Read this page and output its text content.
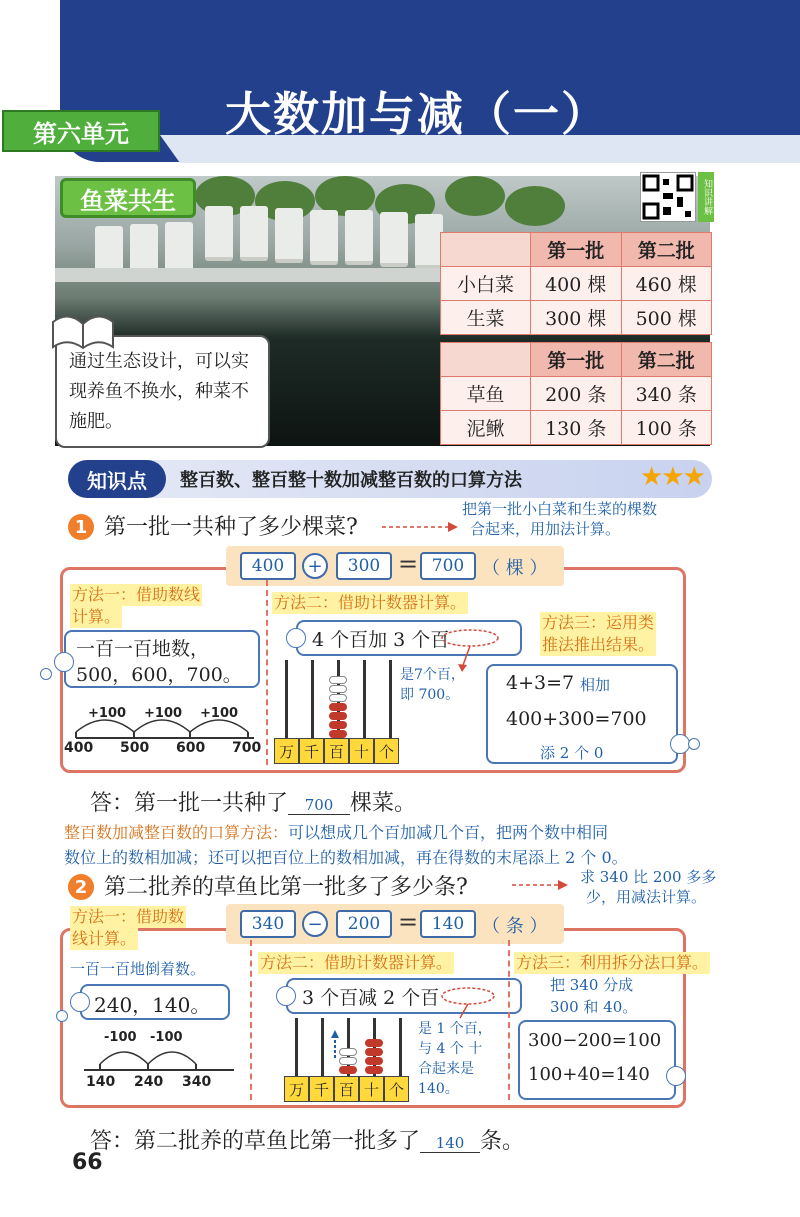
第六单元	大数加与减（一）
鱼菜共生	知识讲解
	第一批	第二批
小白菜	400 棵	460 棵
生菜	300 棵	500 棵
	第一批	第二批
草鱼	200 条	340 条
泥鳅	130 条	100 条
通过生态设计，可以实现养鱼不换水，种菜不施肥。
知识点	整百数、整百整十数加减整百数的口算方法	★★★
1 第一批一共种了多少棵菜?
把第一批小白菜和生菜的棵数
合起来，用加法计算。
400	+	300 = 700 （ 棵 ）
方法一：借助数线
计算。
一百一百地数，
500，600，700。
+100 +100 +100
400 500 600 700
方法二：借助计数器计算。
4 个百加 3 个百
是7个百，
即 700。
万 千 百 十 个
方法三：运用类
推法推出结果。
4+3=7 相加
400+300=700
添 2 个 0
答：第一批一共种了 700 棵菜。
整百数加减整百数的口算方法：可以想成几个百加减几个百，把两个数中相同
数位上的数相加减；还可以把百位上的数相加减，再在得数的末尾添上 2 个 0。
2 第二批养的草鱼比第一批多了多少条?	求 340 比 200 多多
少，用减法计算。
340	−	200 = 140 （ 条 ）
方法一：借助数
线计算。
一百一百地倒着数。
240，140。
-100 -100
140 240 340
方法二：借助计数器计算。
3 个百减 2 个百
是 1 个百，
与 4 个 十
合起来是
140。
万 千 百 十 个
方法三：利用拆分法口算。
把 340 分成
300 和 40。
300−200=100
100+40=140
答：第二批养的草鱼比第一批多了 140 条。
66
